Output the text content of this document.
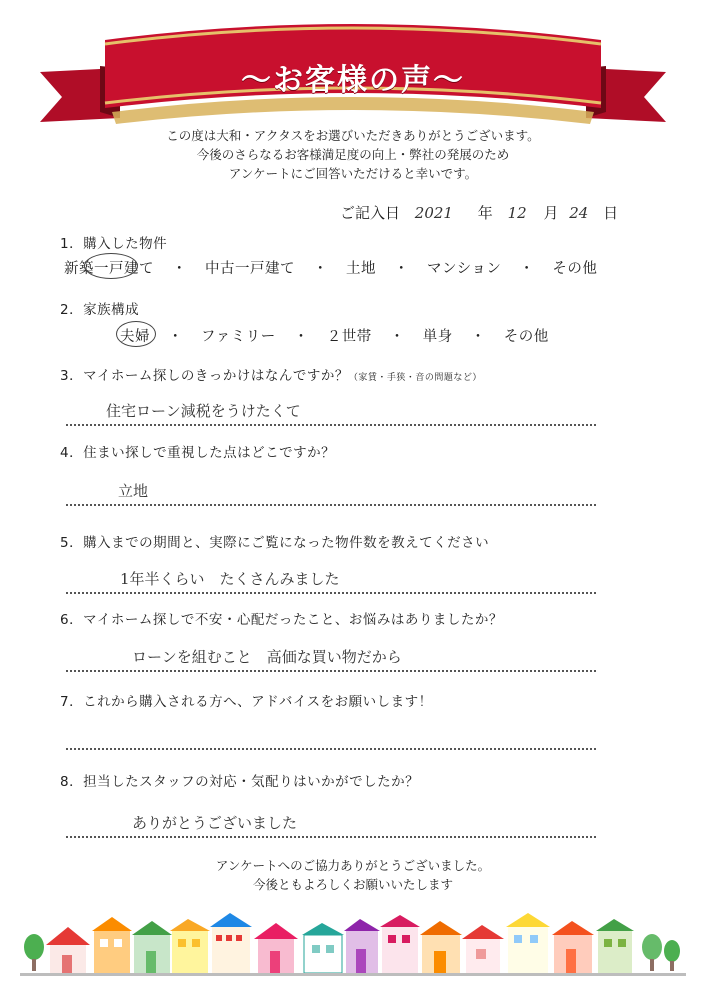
〜お客様の声〜
この度は大和・アクタスをお選びいただきありがとうございます。
今後のさらなるお客様満足度の向上・弊社の発展のため
アンケートにご回答いただけると幸いです。
ご記入日 2021 年 12 月 24 日
1．購入した物件
新築一戸建て ・ 中古一戸建て ・ 土地 ・ マンション ・ その他
2．家族構成
夫婦 ・ ファミリー ・ ２世帯 ・ 単身 ・ その他
3．マイホーム探しのきっかけはなんですか？（家賃・手狭・音の問題など）
住宅ローン減税をうけたくて
4．住まい探しで重視した点はどこですか？
立地
5．購入までの期間と、実際にご覧になった物件数を教えてください
1年半くらい　たくさんみました
6．マイホーム探しで不安・心配だったこと、お悩みはありましたか？
ローンを組むこと　高価な買い物だから
7．これから購入される方へ、アドバイスをお願いします！
8．担当したスタッフの対応・気配りはいかがでしたか？
ありがとうございました
アンケートへのご協力ありがとうございました。
今後ともよろしくお願いいたします
